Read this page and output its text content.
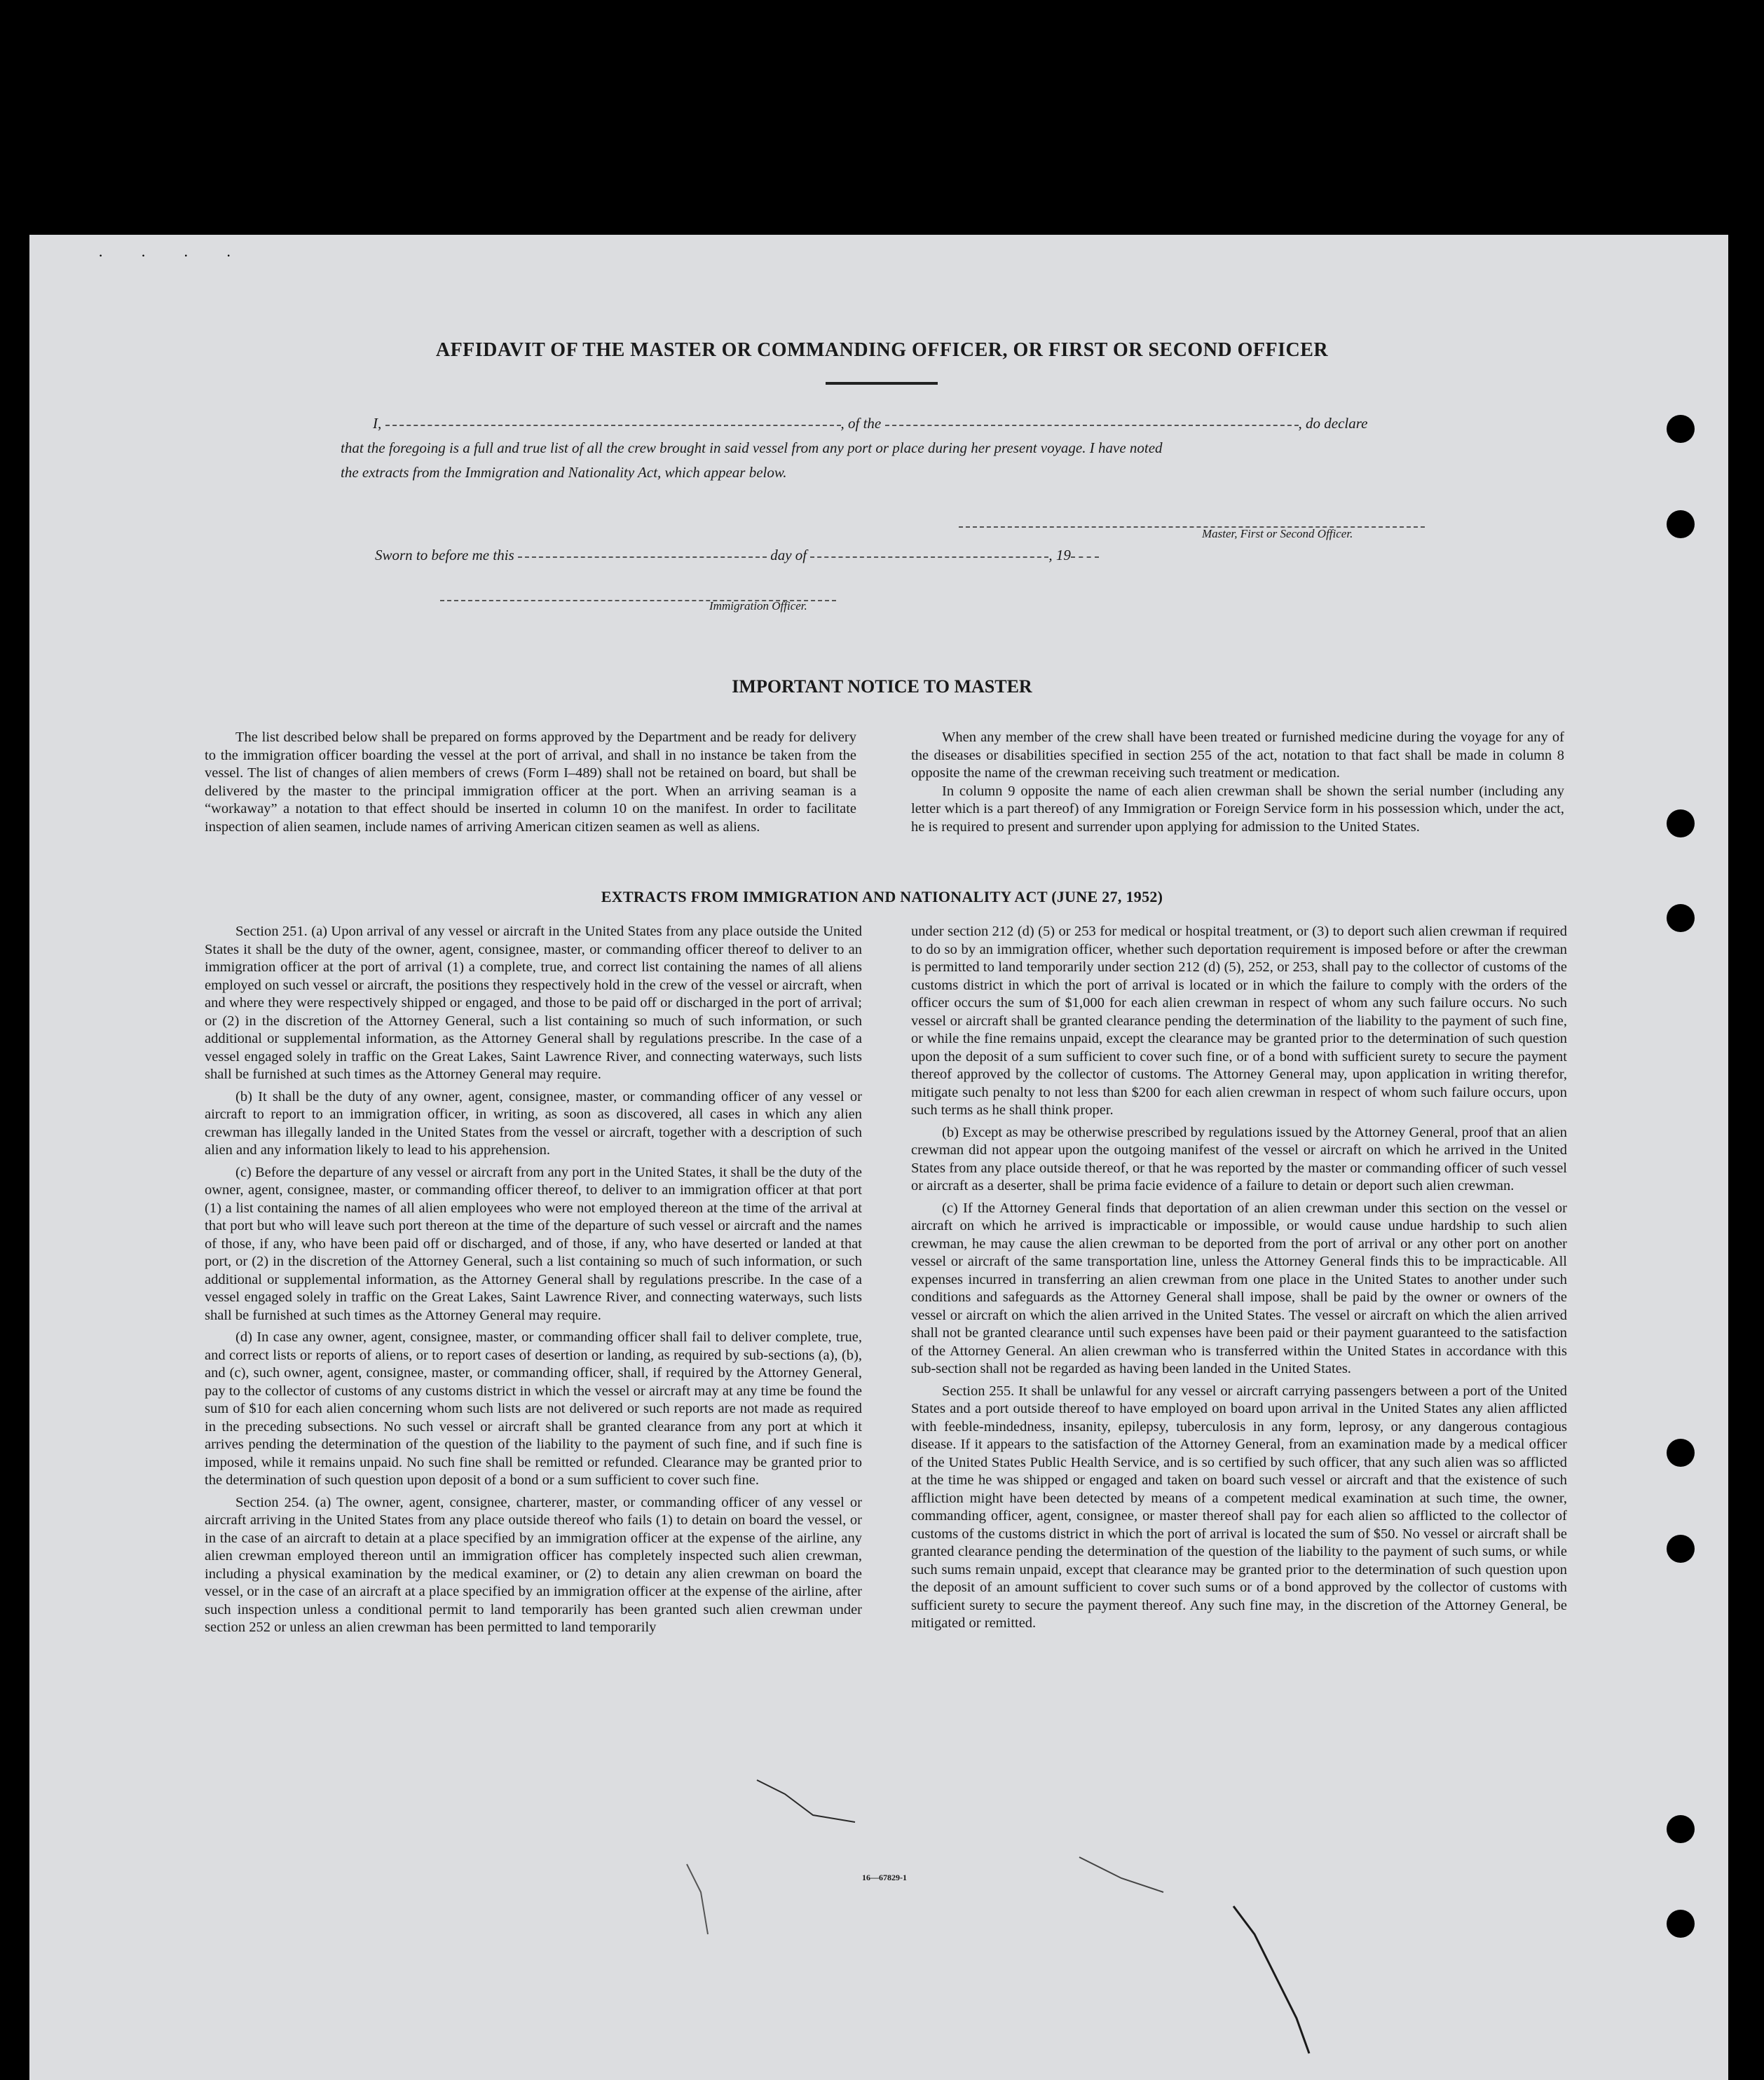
· · · ·
AFFIDAVIT OF THE MASTER OR COMMANDING OFFICER, OR FIRST OR SECOND OFFICER
I,	, of the	, do declare
that the foregoing is a full and true list of all the crew brought in said vessel from any port or place during her present voyage. I have noted
the extracts from the Immigration and Nationality Act, which appear below.
Master, First or Second Officer.
Sworn to before me this	day of	, 19
Immigration Officer.
IMPORTANT NOTICE TO MASTER

The list described below shall be prepared on forms approved by the Department and be ready for delivery to the immigration officer boarding the vessel at the port of arrival, and shall in no instance be taken from the vessel. The list of changes of alien members of crews (Form I–489) shall not be retained on board, but shall be delivered by the master to the principal immigration officer at the port. When an arriving seaman is a “workaway” a notation to that effect should be inserted in column 10 on the manifest. In order to facilitate inspection of alien seamen, include names of arriving American citizen seamen as well as aliens.

When any member of the crew shall have been treated or furnished medicine during the voyage for any of the diseases or disabilities specified in section 255 of the act, notation to that fact shall be made in column 8 opposite the name of the crewman receiving such treatment or medication.

In column 9 opposite the name of each alien crewman shall be shown the serial number (including any letter which is a part thereof) of any Immigration or Foreign Service form in his possession which, under the act, he is required to present and surrender upon applying for admission to the United States.

EXTRACTS FROM IMMIGRATION AND NATIONALITY ACT (JUNE 27, 1952)

Section 251. (a) Upon arrival of any vessel or aircraft in the United States from any place outside the United States it shall be the duty of the owner, agent, consignee, master, or commanding officer thereof to deliver to an immigration officer at the port of arrival (1) a complete, true, and correct list containing the names of all aliens employed on such vessel or aircraft, the positions they respectively hold in the crew of the vessel or aircraft, when and where they were respectively shipped or engaged, and those to be paid off or discharged in the port of arrival; or (2) in the discretion of the Attorney General, such a list containing so much of such information, or such additional or supplemental information, as the Attorney General shall by regulations prescribe. In the case of a vessel engaged solely in traffic on the Great Lakes, Saint Lawrence River, and connecting waterways, such lists shall be furnished at such times as the Attorney General may require.

(b) It shall be the duty of any owner, agent, consignee, master, or commanding officer of any vessel or aircraft to report to an immigration officer, in writing, as soon as discovered, all cases in which any alien crewman has illegally landed in the United States from the vessel or aircraft, together with a description of such alien and any information likely to lead to his apprehension.

(c) Before the departure of any vessel or aircraft from any port in the United States, it shall be the duty of the owner, agent, consignee, master, or commanding officer thereof, to deliver to an immigration officer at that port (1) a list containing the names of all alien employees who were not employed thereon at the time of the arrival at that port but who will leave such port thereon at the time of the departure of such vessel or aircraft and the names of those, if any, who have been paid off or discharged, and of those, if any, who have deserted or landed at that port, or (2) in the discretion of the Attorney General, such a list containing so much of such information, or such additional or supplemental information, as the Attorney General shall by regulations prescribe. In the case of a vessel engaged solely in traffic on the Great Lakes, Saint Lawrence River, and connecting waterways, such lists shall be furnished at such times as the Attorney General may require.

(d) In case any owner, agent, consignee, master, or commanding officer shall fail to deliver complete, true, and correct lists or reports of aliens, or to report cases of desertion or landing, as required by sub-sections (a), (b), and (c), such owner, agent, consignee, master, or commanding officer, shall, if required by the Attorney General, pay to the collector of customs of any customs district in which the vessel or aircraft may at any time be found the sum of $10 for each alien concerning whom such lists are not delivered or such reports are not made as required in the preceding subsections. No such vessel or aircraft shall be granted clearance from any port at which it arrives pending the determination of the question of the liability to the payment of such fine, and if such fine is imposed, while it remains unpaid. No such fine shall be remitted or refunded. Clearance may be granted prior to the determination of such question upon deposit of a bond or a sum sufficient to cover such fine.

Section 254. (a) The owner, agent, consignee, charterer, master, or commanding officer of any vessel or aircraft arriving in the United States from any place outside thereof who fails (1) to detain on board the vessel, or in the case of an aircraft to detain at a place specified by an immigration officer at the expense of the airline, any alien crewman employed thereon until an immigration officer has completely inspected such alien crewman, including a physical examination by the medical examiner, or (2) to detain any alien crewman on board the vessel, or in the case of an aircraft at a place specified by an immigration officer at the expense of the airline, after such inspection unless a conditional permit to land temporarily has been granted such alien crewman under section 252 or unless an alien crewman has been permitted to land temporarily

under section 212 (d) (5) or 253 for medical or hospital treatment, or (3) to deport such alien crewman if required to do so by an immigration officer, whether such deportation requirement is imposed before or after the crewman is permitted to land temporarily under section 212 (d) (5), 252, or 253, shall pay to the collector of customs of the customs district in which the port of arrival is located or in which the failure to comply with the orders of the officer occurs the sum of $1,000 for each alien crewman in respect of whom any such failure occurs. No such vessel or aircraft shall be granted clearance pending the determination of the liability to the payment of such fine, or while the fine remains unpaid, except the clearance may be granted prior to the determination of such question upon the deposit of a sum sufficient to cover such fine, or of a bond with sufficient surety to secure the payment thereof approved by the collector of customs. The Attorney General may, upon application in writing therefor, mitigate such penalty to not less than $200 for each alien crewman in respect of whom such failure occurs, upon such terms as he shall think proper.

(b) Except as may be otherwise prescribed by regulations issued by the Attorney General, proof that an alien crewman did not appear upon the outgoing manifest of the vessel or aircraft on which he arrived in the United States from any place outside thereof, or that he was reported by the master or commanding officer of such vessel or aircraft as a deserter, shall be prima facie evidence of a failure to detain or deport such alien crewman.

(c) If the Attorney General finds that deportation of an alien crewman under this section on the vessel or aircraft on which he arrived is impracticable or impossible, or would cause undue hardship to such alien crewman, he may cause the alien crewman to be deported from the port of arrival or any other port on another vessel or aircraft of the same transportation line, unless the Attorney General finds this to be impracticable. All expenses incurred in transferring an alien crewman from one place in the United States to another under such conditions and safeguards as the Attorney General shall impose, shall be paid by the owner or owners of the vessel or aircraft on which the alien arrived in the United States. The vessel or aircraft on which the alien arrived shall not be granted clearance until such expenses have been paid or their payment guaranteed to the satisfaction of the Attorney General. An alien crewman who is transferred within the United States in accordance with this sub-section shall not be regarded as having been landed in the United States.

Section 255. It shall be unlawful for any vessel or aircraft carrying passengers between a port of the United States and a port outside thereof to have employed on board upon arrival in the United States any alien afflicted with feeble-mindedness, insanity, epilepsy, tuberculosis in any form, leprosy, or any dangerous contagious disease. If it appears to the satisfaction of the Attorney General, from an examination made by a medical officer of the United States Public Health Service, and is so certified by such officer, that any such alien was so afflicted at the time he was shipped or engaged and taken on board such vessel or aircraft and that the existence of such affliction might have been detected by means of a competent medical examination at such time, the owner, commanding officer, agent, consignee, or master thereof shall pay for each alien so afflicted to the collector of customs of the customs district in which the port of arrival is located the sum of $50. No vessel or aircraft shall be granted clearance pending the determination of the question of the liability to the payment of such sums, or while such sums remain unpaid, except that clearance may be granted prior to the determination of such question upon the deposit of an amount sufficient to cover such sums or of a bond approved by the collector of customs with sufficient surety to secure the payment thereof. Any such fine may, in the discretion of the Attorney General, be mitigated or remitted.

16—67829-1
